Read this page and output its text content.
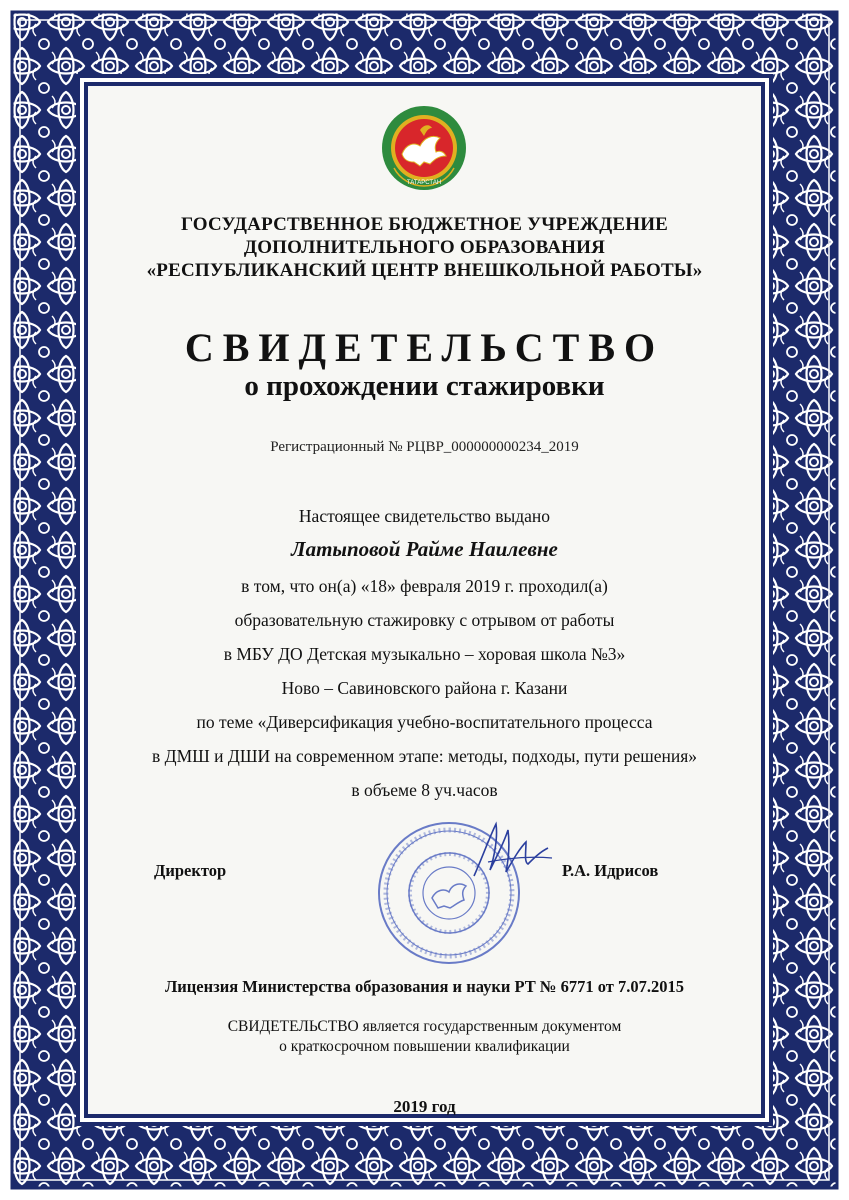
ТАТАРСТАН
ГОСУДАРСТВЕННОЕ БЮДЖЕТНОЕ УЧРЕЖДЕНИЕ
ДОПОЛНИТЕЛЬНОГО ОБРАЗОВАНИЯ
«РЕСПУБЛИКАНСКИЙ ЦЕНТР ВНЕШКОЛЬНОЙ РАБОТЫ»
СВИДЕТЕЛЬСТВО
о прохождении стажировки
Регистрационный № РЦВР_000000000234_2019
Настоящее свидетельство выдано
Латыповой Райме Наилевне
в том, что он(а) «18» февраля 2019 г. проходил(а)
образовательную стажировку с отрывом от работы
в МБУ ДО Детская музыкально – хоровая школа №3»
Ново – Савиновского района г. Казани
по теме «Диверсификация учебно-воспитательного процесса
в ДМШ и ДШИ на современном этапе: методы, подходы, пути решения»
в объеме 8 уч.часов
Директор	Р.А. Идрисов
Лицензия Министерства образования и науки РТ № 6771 от 7.07.2015
СВИДЕТЕЛЬСТВО является государственным документом
о краткосрочном повышении квалификации
2019 год
